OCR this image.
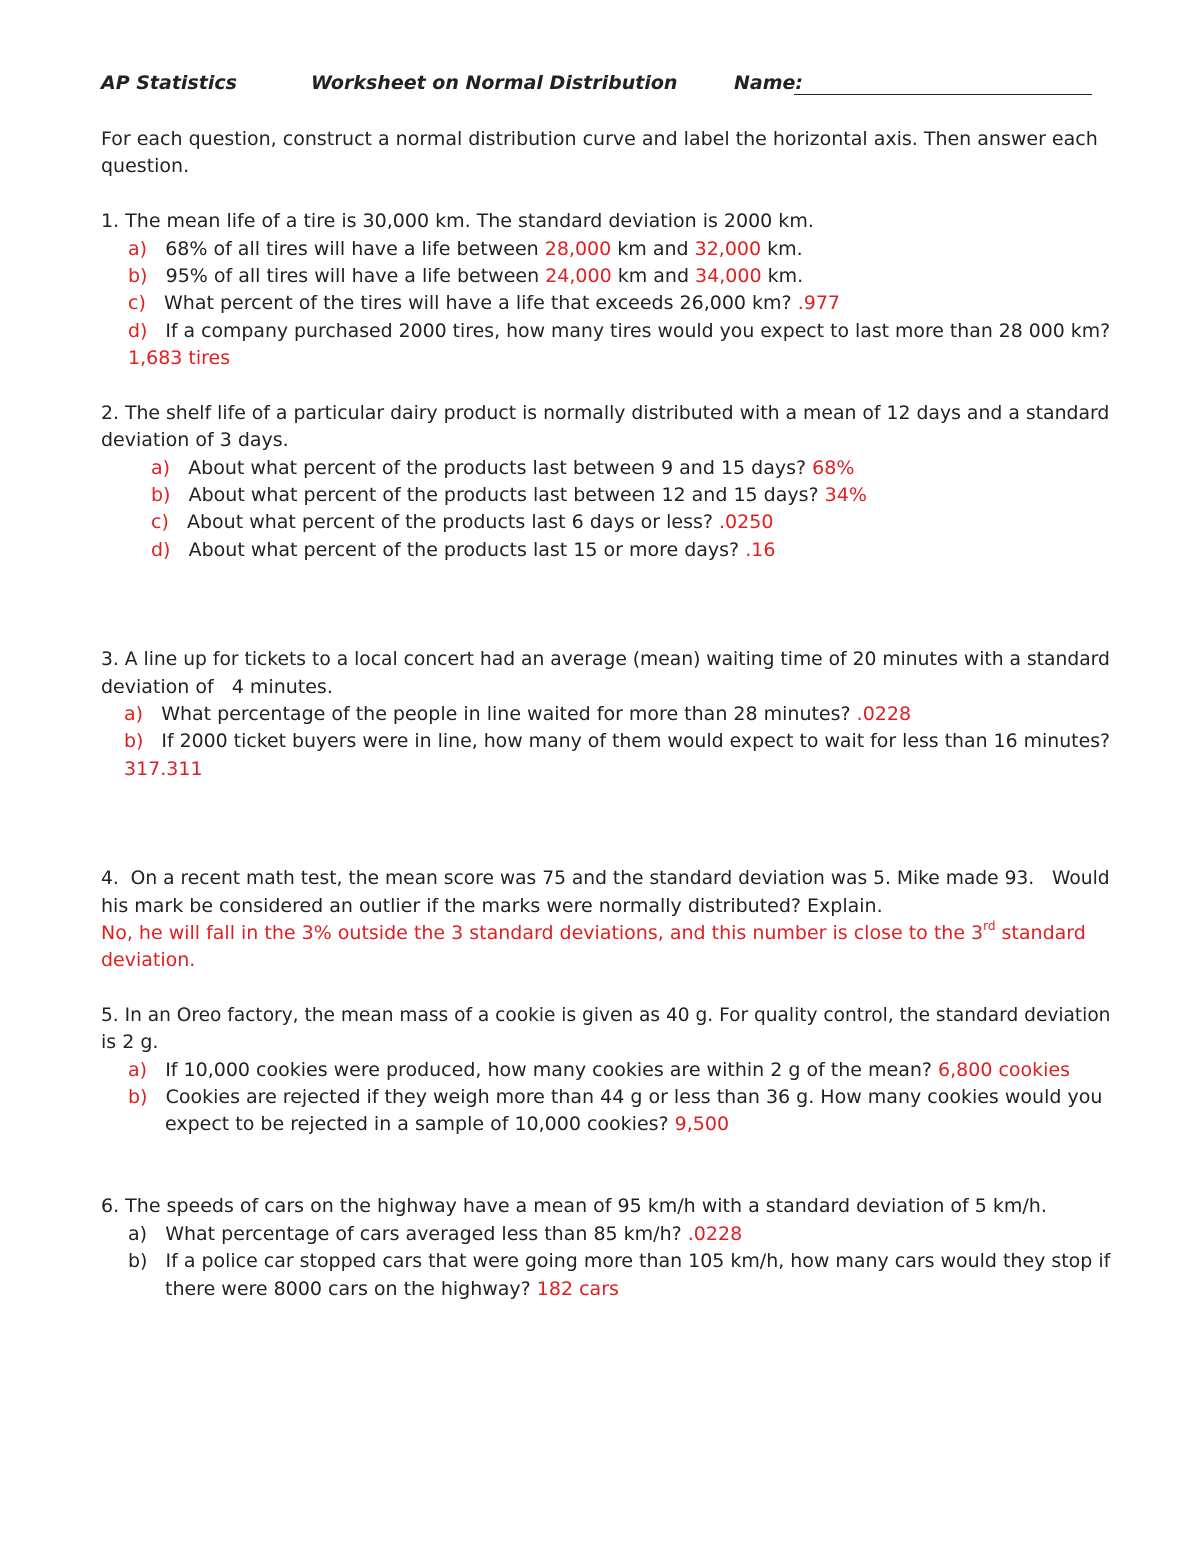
AP Statistics	Worksheet on Normal Distribution	Name:
For each question, construct a normal distribution curve and label the horizontal axis. Then answer each
question.
1. The mean life of a tire is 30,000 km. The standard deviation is 2000 km.
a) 68% of all tires will have a life between 28,000 km and 32,000 km.
b) 95% of all tires will have a life between 24,000 km and 34,000 km.
c) What percent of the tires will have a life that exceeds 26,000 km? .977
d) If a company purchased 2000 tires, how many tires would you expect to last more than 28 000 km?
1,683 tires
2. The shelf life of a particular dairy product is normally distributed with a mean of 12 days and a standard
deviation of 3 days.
a) About what percent of the products last between 9 and 15 days? 68%
b) About what percent of the products last between 12 and 15 days? 34%
c) About what percent of the products last 6 days or less? .0250
d) About what percent of the products last 15 or more days? .16
3. A line up for tickets to a local concert had an average (mean) waiting time of 20 minutes with a standard
deviation of   4 minutes.
a) What percentage of the people in line waited for more than 28 minutes? .0228
b) If 2000 ticket buyers were in line, how many of them would expect to wait for less than 16 minutes?
317.311
4.  On a recent math test, the mean score was 75 and the standard deviation was 5. Mike made 93.   Would
his mark be considered an outlier if the marks were normally distributed? Explain.
No, he will fall in the 3% outside the 3 standard deviations, and this number is close to the 3rd standard
deviation.
5. In an Oreo factory, the mean mass of a cookie is given as 40 g. For quality control, the standard deviation
is 2 g.
a) If 10,000 cookies were produced, how many cookies are within 2 g of the mean? 6,800 cookies
b) Cookies are rejected if they weigh more than 44 g or less than 36 g. How many cookies would you
expect to be rejected in a sample of 10,000 cookies? 9,500
6. The speeds of cars on the highway have a mean of 95 km/h with a standard deviation of 5 km/h.
a) What percentage of cars averaged less than 85 km/h? .0228
b) If a police car stopped cars that were going more than 105 km/h, how many cars would they stop if
there were 8000 cars on the highway? 182 cars
